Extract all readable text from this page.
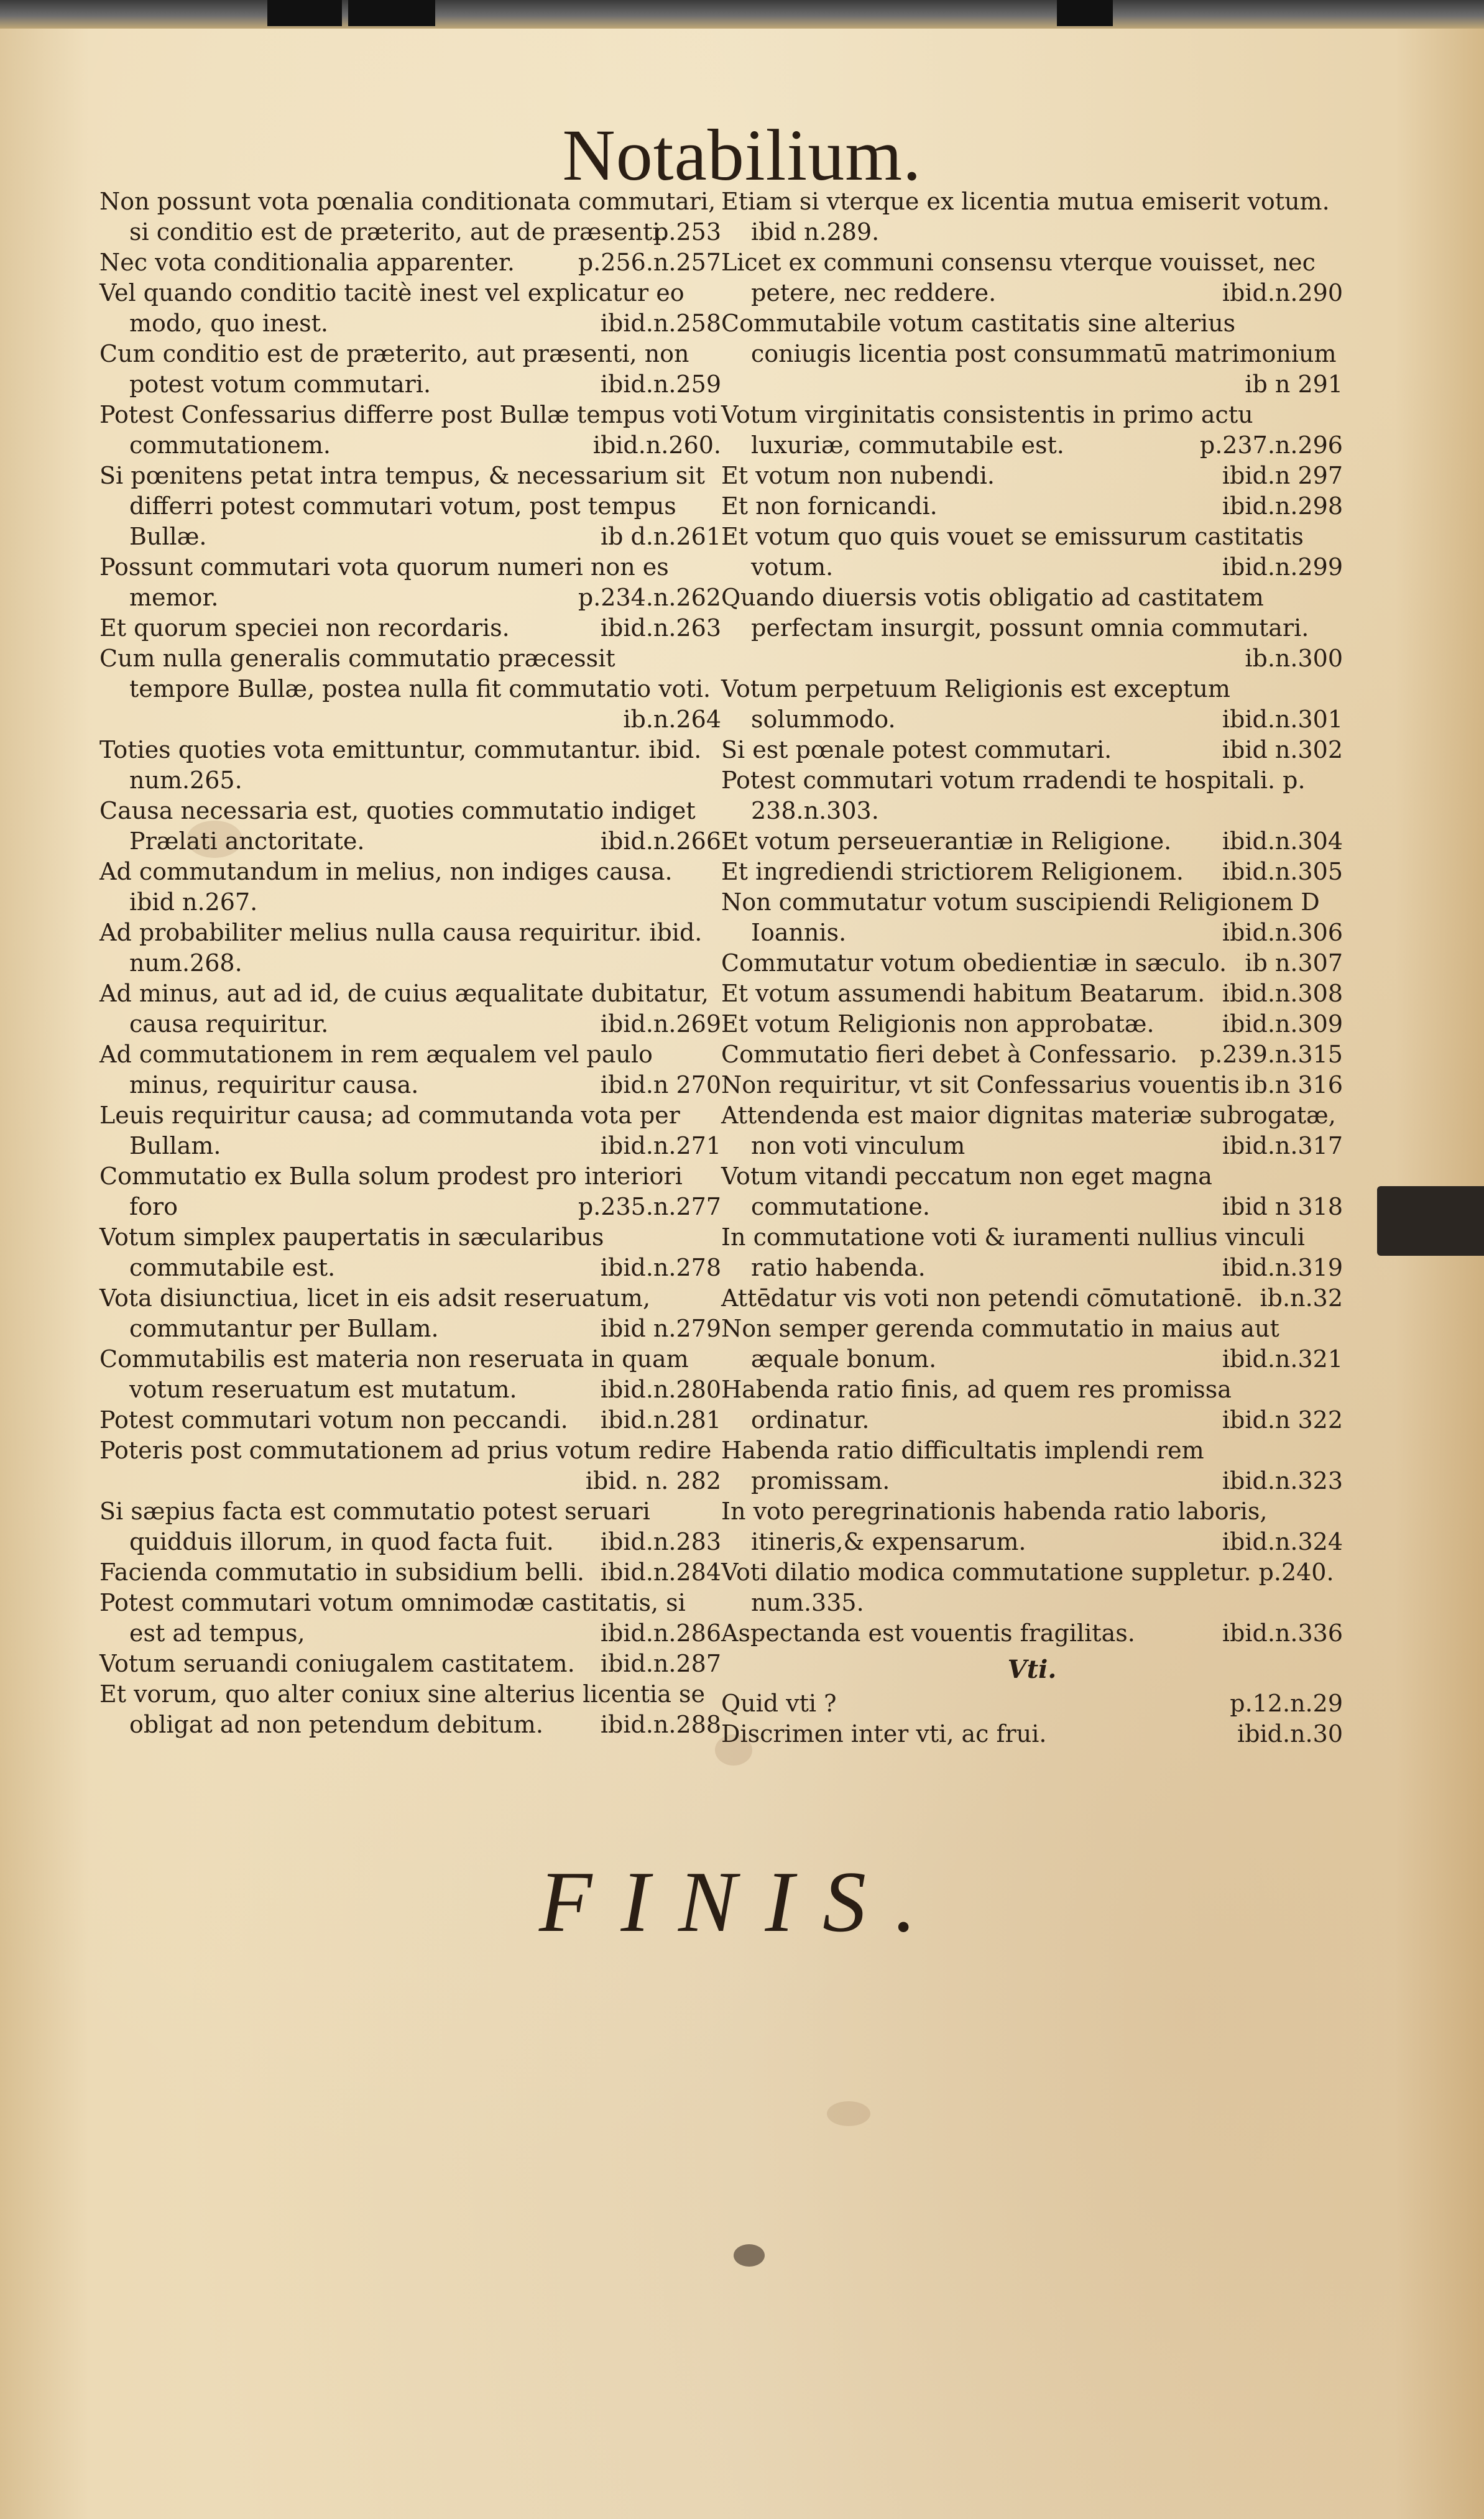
Notabilium.
Non possunt vota pœnalia conditionata commutari, si conditio est de præterito, aut de præsenti.
p.253
Nec vota conditionalia apparenter.	p.256.n.257
Vel quando conditio tacitè inest vel explicatur eo modo, quo inest.	ibid.n.258
Cum conditio est de præterito, aut præsenti, non potest votum commutari.	ibid.n.259
Potest Confessarius differre post Bullæ tempus voti commutationem.	ibid.n.260.
Si pœnitens petat intra tempus, & necessarium sit differri potest commutari votum, post tempus Bullæ.	ib d.n.261
Possunt commutari vota quorum numeri non es memor.	p.234.n.262
Et quorum speciei non recordaris.	ibid.n.263
Cum nulla generalis commutatio præcessit tempore Bullæ, postea nulla fit commutatio voti.
ib.n.264
Toties quoties vota emittuntur, commutantur. ibid. num.265.
Causa necessaria est, quoties commutatio indiget Prælati anctoritate.	ibid.n.266
Ad commutandum in melius, non indiges causa. ibid n.267.
Ad probabiliter melius nulla causa requiritur. ibid. num.268.
Ad minus, aut ad id, de cuius æqualitate dubitatur, causa requiritur.	ibid.n.269
Ad commutationem in rem æqualem vel paulo minus, requiritur causa.	ibid.n 270
Leuis requiritur causa; ad commutanda vota per Bullam.	ibid.n.271
Commutatio ex Bulla solum prodest pro interiori foro	p.235.n.277
Votum simplex paupertatis in sæcularibus commutabile est.	ibid.n.278
Vota disiunctiua, licet in eis adsit reseruatum, commutantur per Bullam.	ibid n.279
Commutabilis est materia non reseruata in quam votum reseruatum est mutatum.	ibid.n.280
Potest commutari votum non peccandi. ibid.n.281
Poteris post commutationem ad prius votum redire
ibid. n. 282
Si sæpius facta est commutatio potest seruari quidduis illorum, in quod facta fuit. ibid.n.283
Facienda commutatio in subsidium belli. ibid.n.284
Potest commutari votum omnimodæ castitatis, si est ad tempus,	ibid.n.286
Votum seruandi coniugalem castitatem. ibid.n.287
Et vorum, quo alter coniux sine alterius licentia se obligat ad non petendum debitum. ibid.n.288
Etiam si vterque ex licentia mutua emiserit votum. ibid n.289.
Licet ex communi consensu vterque vouisset, nec petere, nec reddere.	ibid.n.290
Commutabile votum castitatis sine alterius coniugis licentia post consummatū matrimonium
ib n 291
Votum virginitatis consistentis in primo actu luxuriæ, commutabile est.	p.237.n.296
Et votum non nubendi.	ibid.n 297
Et non fornicandi.	ibid.n.298
Et votum quo quis vouet se emissurum castitatis votum.	ibid.n.299
Quando diuersis votis obligatio ad castitatem perfectam insurgit, possunt omnia commutari.
ib.n.300
Votum perpetuum Religionis est exceptum solummodo.	ibid.n.301
Si est pœnale potest commutari.	ibid n.302
Potest commutari votum rradendi te hospitali. p. 238.n.303.
Et votum perseuerantiæ in Religione. ibid.n.304
Et ingrediendi strictiorem Religionem. ibid.n.305
Non commutatur votum suscipiendi Religionem D Ioannis.	ibid.n.306
Commutatur votum obedientiæ in sæculo. ib n.307
Et votum assumendi habitum Beatarum. ibid.n.308
Et votum Religionis non approbatæ.	ibid.n.309
Commutatio fieri debet à Confessario. p.239.n.315
Non requiritur, vt sit Confessarius vouentis ib.n 316
Attendenda est maior dignitas materiæ subrogatæ, non voti vinculum	ibid.n.317
Votum vitandi peccatum non eget magna commutatione.	ibid n 318
In commutatione voti & iuramenti nullius vinculi ratio habenda.	ibid.n.319
Attēdatur vis voti non petendi cōmutationē. ib.n.32
Non semper gerenda commutatio in maius aut æquale bonum.	ibid.n.321
Habenda ratio finis, ad quem res promissa ordinatur.	ibid.n 322
Habenda ratio difficultatis implendi rem promissam.	ibid.n.323
In voto peregrinationis habenda ratio laboris, itineris,& expensarum.	ibid.n.324
Voti dilatio modica commutatione suppletur. p.240. num.335.
Aspectanda est vouentis fragilitas.	ibid.n.336
Vti.
Quid vti ?	p.12.n.29
Discrimen inter vti, ac frui.	ibid.n.30
FINIS.
